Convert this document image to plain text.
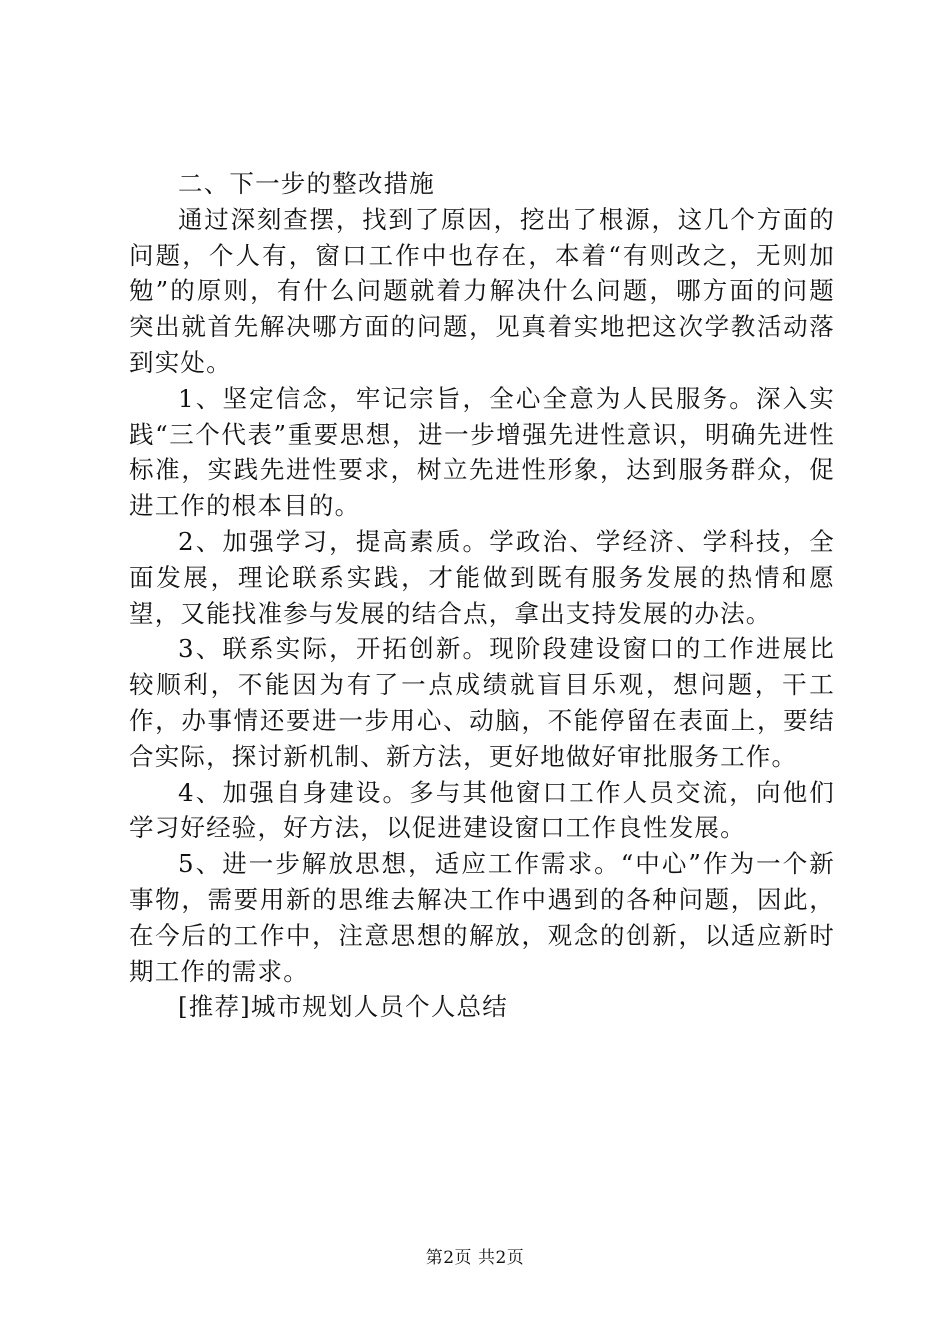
二、下一步的整改措施

通过深刻查摆，找到了原因，挖出了根源，这几个方面的问题，个人有，窗口工作中也存在，本着“有则改之，无则加勉”的原则，有什么问题就着力解决什么问题，哪方面的问题突出就首先解决哪方面的问题，见真着实地把这次学教活动落到实处。

1、坚定信念，牢记宗旨，全心全意为人民服务。深入实践“三个代表”重要思想，进一步增强先进性意识，明确先进性标准，实践先进性要求，树立先进性形象，达到服务群众，促进工作的根本目的。

2、加强学习，提高素质。学政治、学经济、学科技，全面发展，理论联系实践，才能做到既有服务发展的热情和愿望，又能找准参与发展的结合点，拿出支持发展的办法。

3、联系实际，开拓创新。现阶段建设窗口的工作进展比较顺利，不能因为有了一点成绩就盲目乐观，想问题，干工作，办事情还要进一步用心、动脑，不能停留在表面上，要结合实际，探讨新机制、新方法，更好地做好审批服务工作。

4、加强自身建设。多与其他窗口工作人员交流，向他们学习好经验，好方法，以促进建设窗口工作良性发展。

5、进一步解放思想，适应工作需求。“中心”作为一个新事物，需要用新的思维去解决工作中遇到的各种问题，因此，在今后的工作中，注意思想的解放，观念的创新，以适应新时期工作的需求。

[推荐]城市规划人员个人总结

第2页 共2页
